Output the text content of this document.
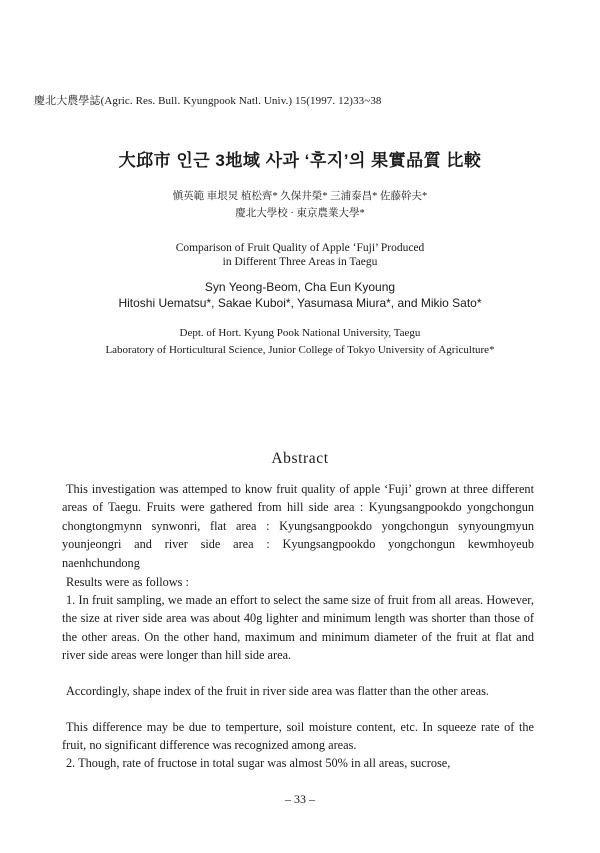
慶北大農學誌(Agric. Res. Bull. Kyungpook Natl. Univ.) 15(1997. 12)33~38
大邱市 인근 3地域 사과 ‘후지’의 果實品質 比較
愼英範 車垠炅 植松齊* 久保井榮* 三浦泰昌* 佐藤幹夫*
慶北大學校 · 東京農業大學*
Comparison of Fruit Quality of Apple ‘Fuji’ Produced
in Different Three Areas in Taegu
Syn Yeong-Beom, Cha Eun Kyoung
Hitoshi Uematsu*, Sakae Kuboi*, Yasumasa Miura*, and Mikio Sato*
Dept. of Hort. Kyung Pook National University, Taegu
Laboratory of Horticultural Science, Junior College of Tokyo University of Agriculture*
Abstract
This investigation was attemped to know fruit quality of apple ‘Fuji’ grown at three different areas of Taegu. Fruits were gathered from hill side area : Kyungsangpookdo yongchongun chongtongmynn synwonri, flat area : Kyungsangpookdo yongchongun synyoungmyun younjeongri and river side area : Kyungsangpookdo yongchongun kewmhoyeub naenhchundong
Results were as follows :
1. In fruit sampling, we made an effort to select the same size of fruit from all areas. However, the size at river side area was about 40g lighter and minimum length was shorter than those of the other areas. On the other hand, maximum and minimum diameter of the fruit at flat and river side areas were longer than hill side area.
Accordingly, shape index of the fruit in river side area was flatter than the other areas.
This difference may be due to temperture, soil moisture content, etc. In squeeze rate of the fruit, no significant difference was recognized among areas.
2. Though, rate of fructose in total sugar was almost 50% in all areas, sucrose,
– 33 –
